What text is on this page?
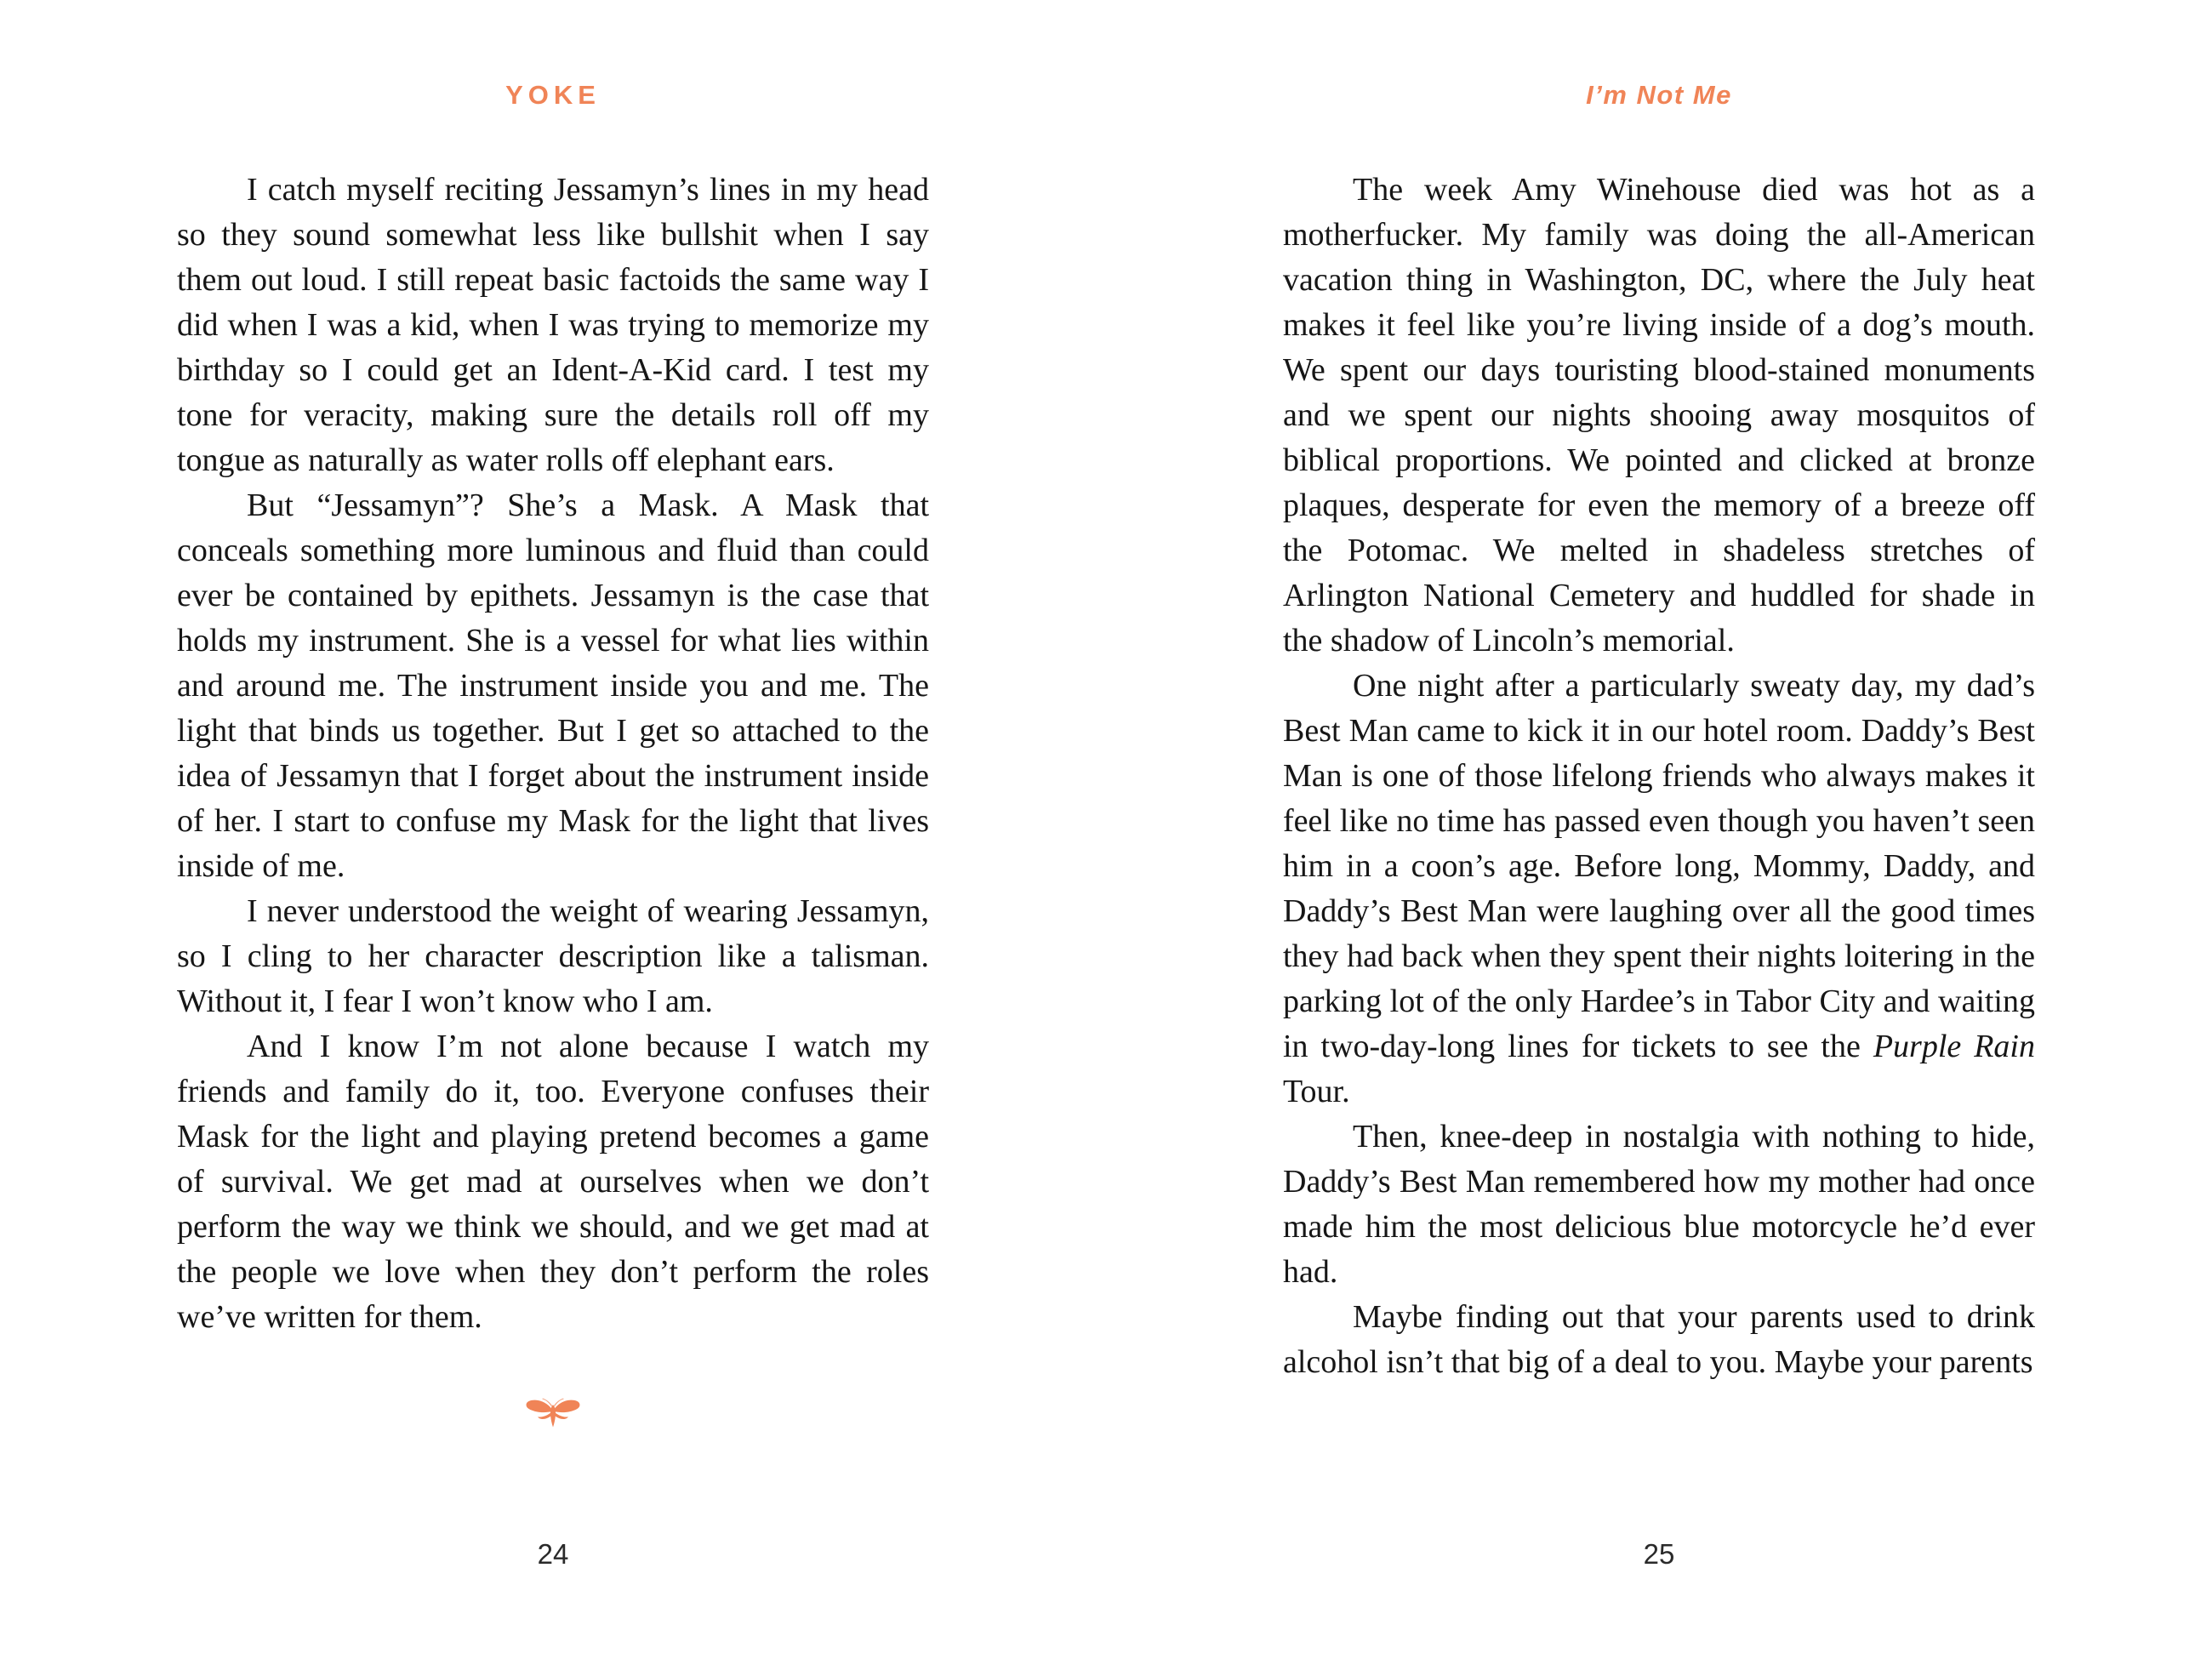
YOKE

I catch myself reciting Jessamyn’s lines in my head so they sound somewhat less like bullshit when I say them out loud. I still repeat basic factoids the same way I did when I was a kid, when I was trying to memorize my birthday so I could get an Ident-A-Kid card. I test my tone for veracity, making sure the details roll off my tongue as naturally as water rolls off elephant ears.

But “Jessamyn”? She’s a Mask. A Mask that conceals something more luminous and fluid than could ever be contained by epithets. Jessamyn is the case that holds my instrument. She is a vessel for what lies within and around me. The instrument inside you and me. The light that binds us together. But I get so attached to the idea of Jessamyn that I forget about the instrument inside of her. I start to confuse my Mask for the light that lives inside of me.

I never understood the weight of wearing Jessamyn, so I cling to her character description like a talisman. Without it, I fear I won’t know who I am.

And I know I’m not alone because I watch my friends and family do it, too. Everyone confuses their Mask for the light and playing pretend becomes a game of survival. We get mad at ourselves when we don’t perform the way we think we should, and we get mad at the people we love when they don’t perform the roles we’ve written for them.

24
I’m Not Me

The week Amy Winehouse died was hot as a motherfucker. My family was doing the all-American vacation thing in Washington, DC, where the July heat makes it feel like you’re living inside of a dog’s mouth. We spent our days touristing blood-stained monuments and we spent our nights shooing away mosquitos of biblical proportions. We pointed and clicked at bronze plaques, desperate for even the memory of a breeze off the Potomac. We melted in shadeless stretches of Arlington National Cemetery and huddled for shade in the shadow of Lincoln’s memorial.

One night after a particularly sweaty day, my dad’s Best Man came to kick it in our hotel room. Daddy’s Best Man is one of those lifelong friends who always makes it feel like no time has passed even though you haven’t seen him in a coon’s age. Before long, Mommy, Daddy, and Daddy’s Best Man were laughing over all the good times they had back when they spent their nights loitering in the parking lot of the only Hardee’s in Tabor City and waiting in two-day-long lines for tickets to see the Purple Rain Tour.

Then, knee-deep in nostalgia with nothing to hide, Daddy’s Best Man remembered how my mother had once made him the most delicious blue motorcycle he’d ever had.

Maybe finding out that your parents used to drink alcohol isn’t that big of a deal to you. Maybe your parents

25
